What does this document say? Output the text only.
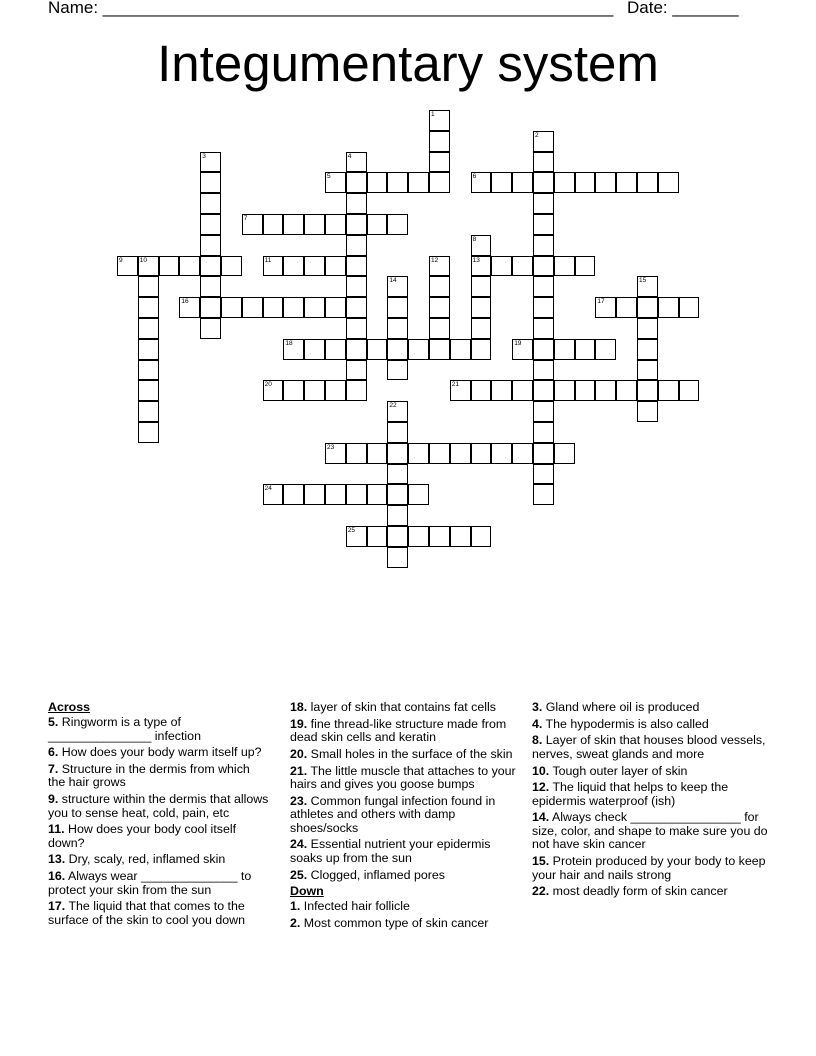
Name: ______________________________________________________ Date: _______
Integumentary system
1
2
3	4
5	6
7
8
13
9	10	11	12
14	15
16	17
18	19
20	21
22
23
24
25
Across
5. Ringworm is a type of _______________ infection
6. How does your body warm itself up?
7. Structure in the dermis from which the hair grows
9. structure within the dermis that allows you to sense heat, cold, pain, etc
11. How does your body cool itself down?
13. Dry, scaly, red, inflamed skin
16. Always wear ______________ to protect your skin from the sun
17. The liquid that that comes to the surface of the skin to cool you down
18. layer of skin that contains fat cells
19. fine thread-like structure made from dead skin cells and keratin
20. Small holes in the surface of the skin
21. The little muscle that attaches to your hairs and gives you goose bumps
23. Common fungal infection found in athletes and others with damp shoes/socks
24. Essential nutrient your epidermis soaks up from the sun
25. Clogged, inflamed pores
Down
1. Infected hair follicle
2. Most common type of skin cancer
3. Gland where oil is produced
4. The hypodermis is also called
8. Layer of skin that houses blood vessels, nerves, sweat glands and more
10. Tough outer layer of skin
12. The liquid that helps to keep the epidermis waterproof (ish)
14. Always check ________________ for size, color, and shape to make sure you do not have skin cancer
15. Protein produced by your body to keep your hair and nails strong
22. most deadly form of skin cancer
